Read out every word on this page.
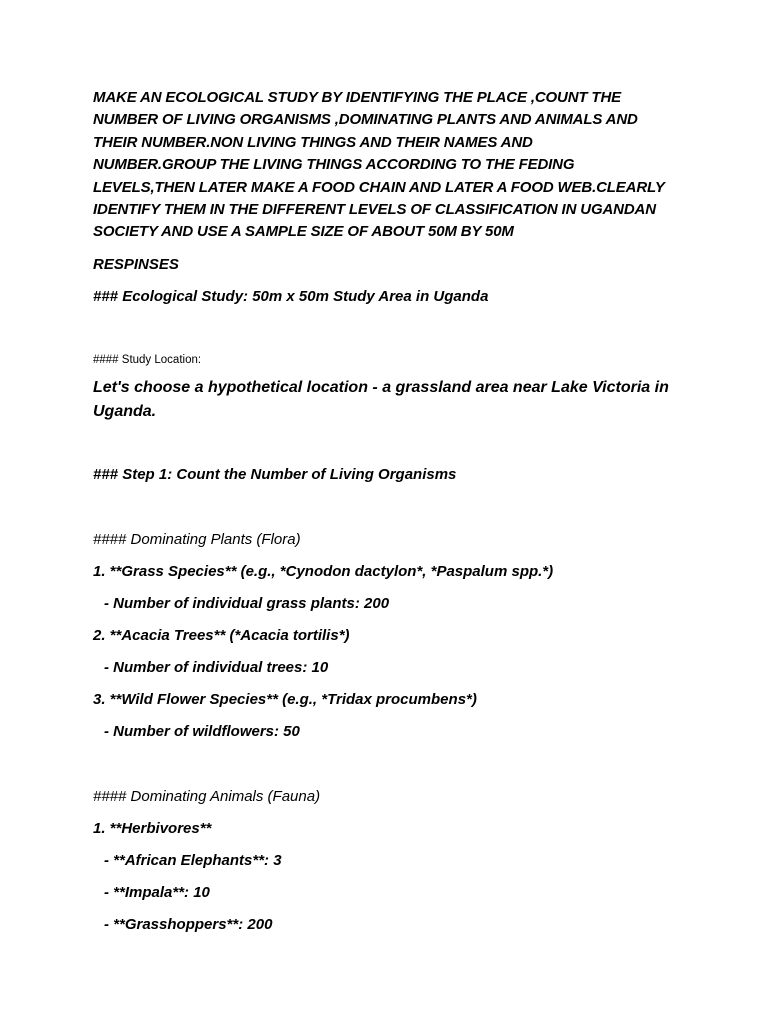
MAKE AN ECOLOGICAL STUDY BY IDENTIFYING THE PLACE ,COUNT THE
NUMBER OF LIVING ORGANISMS ,DOMINATING PLANTS AND ANIMALS AND
THEIR NUMBER.NON LIVING THINGS AND THEIR NAMES AND
NUMBER.GROUP THE LIVING THINGS ACCORDING TO THE FEDING
LEVELS,THEN LATER MAKE A FOOD CHAIN AND LATER A FOOD WEB.CLEARLY
IDENTIFY THEM IN THE DIFFERENT LEVELS OF CLASSIFICATION IN UGANDAN
SOCIETY AND USE A SAMPLE SIZE OF ABOUT 50M BY 50M
RESPINSES
### Ecological Study: 50m x 50m Study Area in Uganda
#### Study Location:
Let's choose a hypothetical location - a grassland area near Lake Victoria in
Uganda.
### Step 1: Count the Number of Living Organisms
#### Dominating Plants (Flora)
1. **Grass Species** (e.g., *Cynodon dactylon*, *Paspalum spp.*)
- Number of individual grass plants: 200
2. **Acacia Trees** (*Acacia tortilis*)
- Number of individual trees: 10
3. **Wild Flower Species** (e.g., *Tridax procumbens*)
- Number of wildflowers: 50
#### Dominating Animals (Fauna)
1. **Herbivores**
- **African Elephants**: 3
- **Impala**: 10
- **Grasshoppers**: 200
